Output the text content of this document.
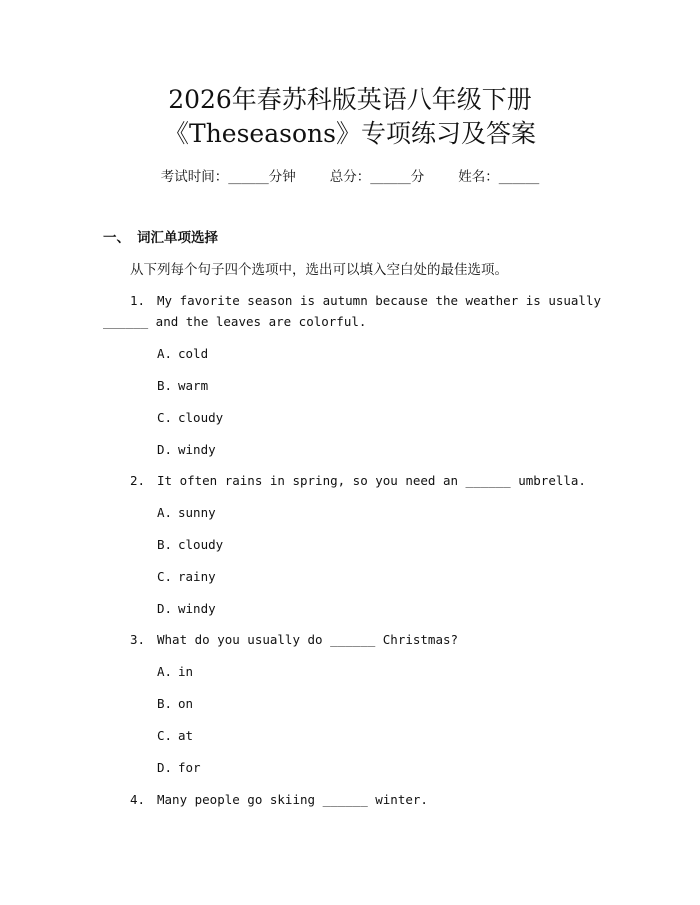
2026年春苏科版英语八年级下册
《Theseasons》专项练习及答案
考试时间：______分钟	总分：______分	姓名：______
一、 词汇单项选择
从下列每个句子四个选项中，选出可以填入空白处的最佳选项。
1. My favorite season is autumn because the weather is usually
______ and the leaves are colorful.
A. cold
B. warm
C. cloudy
D. windy
2. It often rains in spring, so you need an ______ umbrella.
A. sunny
B. cloudy
C. rainy
D. windy
3. What do you usually do ______ Christmas?
A. in
B. on
C. at
D. for
4. Many people go skiing ______ winter.
